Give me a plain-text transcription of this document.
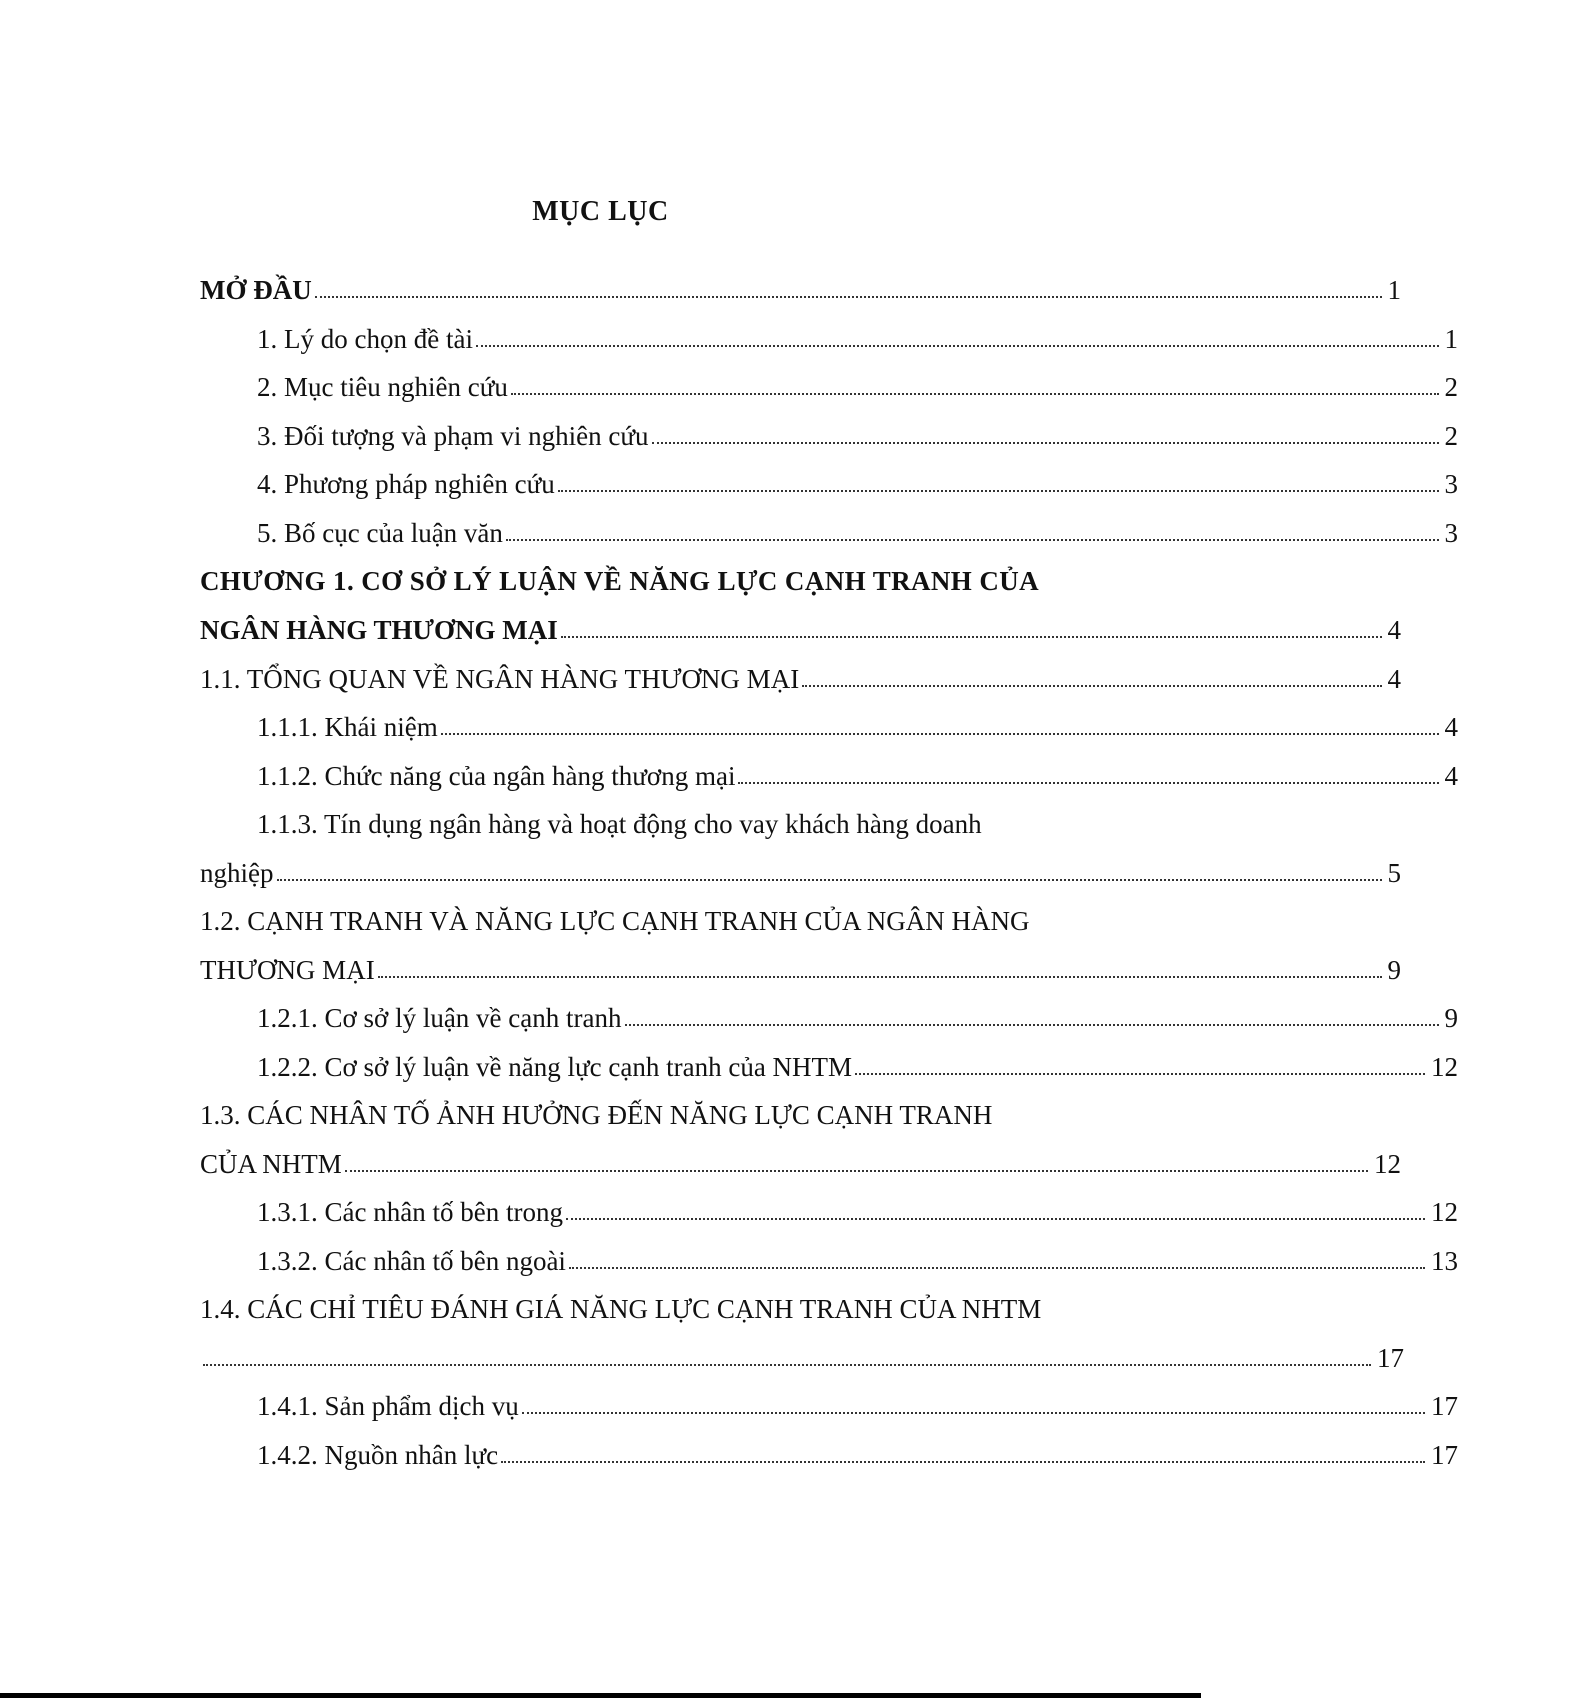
MỤC LỤC
MỞ ĐẦU	1
1. Lý do chọn đề tài	1
2. Mục tiêu nghiên cứu	2
3. Đối tượng và phạm vi nghiên cứu	2
4. Phương pháp nghiên cứu	3
5. Bố cục của luận văn	3
CHƯƠNG 1. CƠ SỞ LÝ LUẬN VỀ NĂNG LỰC CẠNH TRANH CỦA
NGÂN HÀNG THƯƠNG MẠI	4
1.1. TỔNG QUAN VỀ NGÂN HÀNG THƯƠNG MẠI	4
1.1.1. Khái niệm	4
1.1.2. Chức năng của ngân hàng thương mại	4
1.1.3. Tín dụng ngân hàng và hoạt động cho vay khách hàng doanh
nghiệp	5
1.2. CẠNH TRANH VÀ NĂNG LỰC CẠNH TRANH CỦA NGÂN HÀNG
THƯƠNG MẠI	9
1.2.1. Cơ sở lý luận về cạnh tranh	9
1.2.2. Cơ sở lý luận về năng lực cạnh tranh của NHTM	12
1.3. CÁC NHÂN TỐ ẢNH HƯỞNG ĐẾN NĂNG LỰC CẠNH TRANH
CỦA NHTM	12
1.3.1. Các nhân tố bên trong	12
1.3.2. Các nhân tố bên ngoài	13
1.4. CÁC CHỈ TIÊU ĐÁNH GIÁ NĂNG LỰC CẠNH TRANH CỦA NHTM
17
1.4.1. Sản phẩm dịch vụ	17
1.4.2. Nguồn nhân lực	17
